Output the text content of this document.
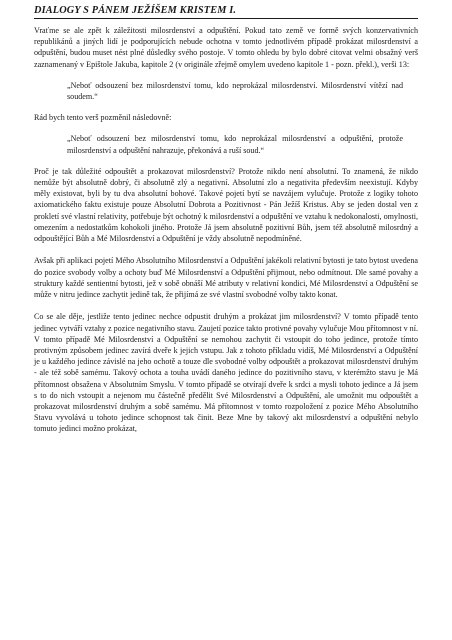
DIALOGY S PÁNEM JEŽÍŠEM KRISTEM I.

Vraťme se ale zpět k záležitosti milosrdenství a odpuštění. Pokud tato země ve formě svých konzervativních republikánů a jiných lidí je podporujících nebude ochotna v tomto jednotlivém případě prokázat milosrdenství a odpuštění, budou muset nést plné důsledky svého postoje. V tomto ohledu by bylo dobré citovat velmi obsažný verš zaznamenaný v Epištole Jakuba, kapitole 2 (v originále zřejmě omylem uvedeno kapitole 1 - pozn. překl.), verši 13:

„Neboť odsouzení bez milosrdenství tomu, kdo neprokázal milosrdenství. Milosrdenství vítězí nad soudem.“

Rád bych tento verš pozměnil následovně:

„Neboť odsouzení bez milosrdenství tomu, kdo neprokázal milosrdenství a odpuštění, protože milosrdenství a odpuštění nahrazuje, překonává a ruší soud.“

Proč je tak důležité odpouštět a prokazovat milosrdenství? Protože nikdo není absolutní. To znamená, že nikdo nemůže být absolutně dobrý, či absolutně zlý a negativní. Absolutní zlo a negativita především neexistují. Kdyby měly existovat, byli by tu dva absolutní bohové. Takové pojetí bytí se navzájem vylučuje. Protože z logiky tohoto axiomatického faktu existuje pouze Absolutní Dobrota a Pozitivnost - Pán Ježíš Kristus. Aby se jeden dostal ven z prokletí své vlastní relativity, potřebuje být ochotný k milosrdenství a odpuštění ve vztahu k nedokonalosti, omylnosti, omezením a nedostatkům kohokoli jiného. Protože Já jsem absolutně pozitivní Bůh, jsem též absolutně milosrdný a odpouštějící Bůh a Mé Milosrdenství a Odpuštění je vždy absolutně nepodmíněné.

Avšak při aplikaci pojetí Mého Absolutního Milosrdenství a Odpuštění jakékoli relativní bytosti je tato bytost uvedena do pozice svobody volby a ochoty buď Mé Milosrdenství a Odpuštění přijmout, nebo odmítnout. Dle samé povahy a struktury každé sentientní bytosti, jež v sobě obnáší Mé atributy v relativní kondici, Mé Milosrdenství a Odpuštění se může v nitru jedince zachytit jedině tak, že přijímá ze své vlastní svobodné volby takto konat.

Co se ale děje, jestliže tento jedinec nechce odpustit druhým a prokázat jim milosrdenství? V tomto případě tento jedinec vytváří vztahy z pozice negativního stavu. Zaujetí pozice takto protivné povahy vylučuje Mou přítomnost v ní. V tomto případě Mé Milosrdenství a Odpuštění se nemohou zachytit či vstoupit do toho jedince, protože tímto protivným způsobem jedinec zavírá dveře k jejich vstupu. Jak z tohoto příkladu vidíš, Mé Milosrdenství a Odpuštění je u každého jedince závislé na jeho ochotě a touze dle svobodné volby odpouštět a prokazovat milosrdenství druhým - ale též sobě samému. Takový ochota a touha uvádí daného jedince do pozitivního stavu, v kterémžto stavu je Má přítomnost obsažena v Absolutním Smyslu. V tomto případě se otvírají dveře k srdci a mysli tohoto jedince a Já jsem s to do nich vstoupit a nejenom mu částečně předělit Své Milosrdenství a Odpuštění, ale umožnit mu odpouštět a prokazovat milosrdenství druhým a sobě samému. Má přítomnost v tomto rozpoložení z pozice Mého Absolutního Stavu vyvolává u tohoto jedince schopnost tak činit. Beze Mne by takový akt milosrdenství a odpuštění nebylo tomuto jedinci možno prokázat,
